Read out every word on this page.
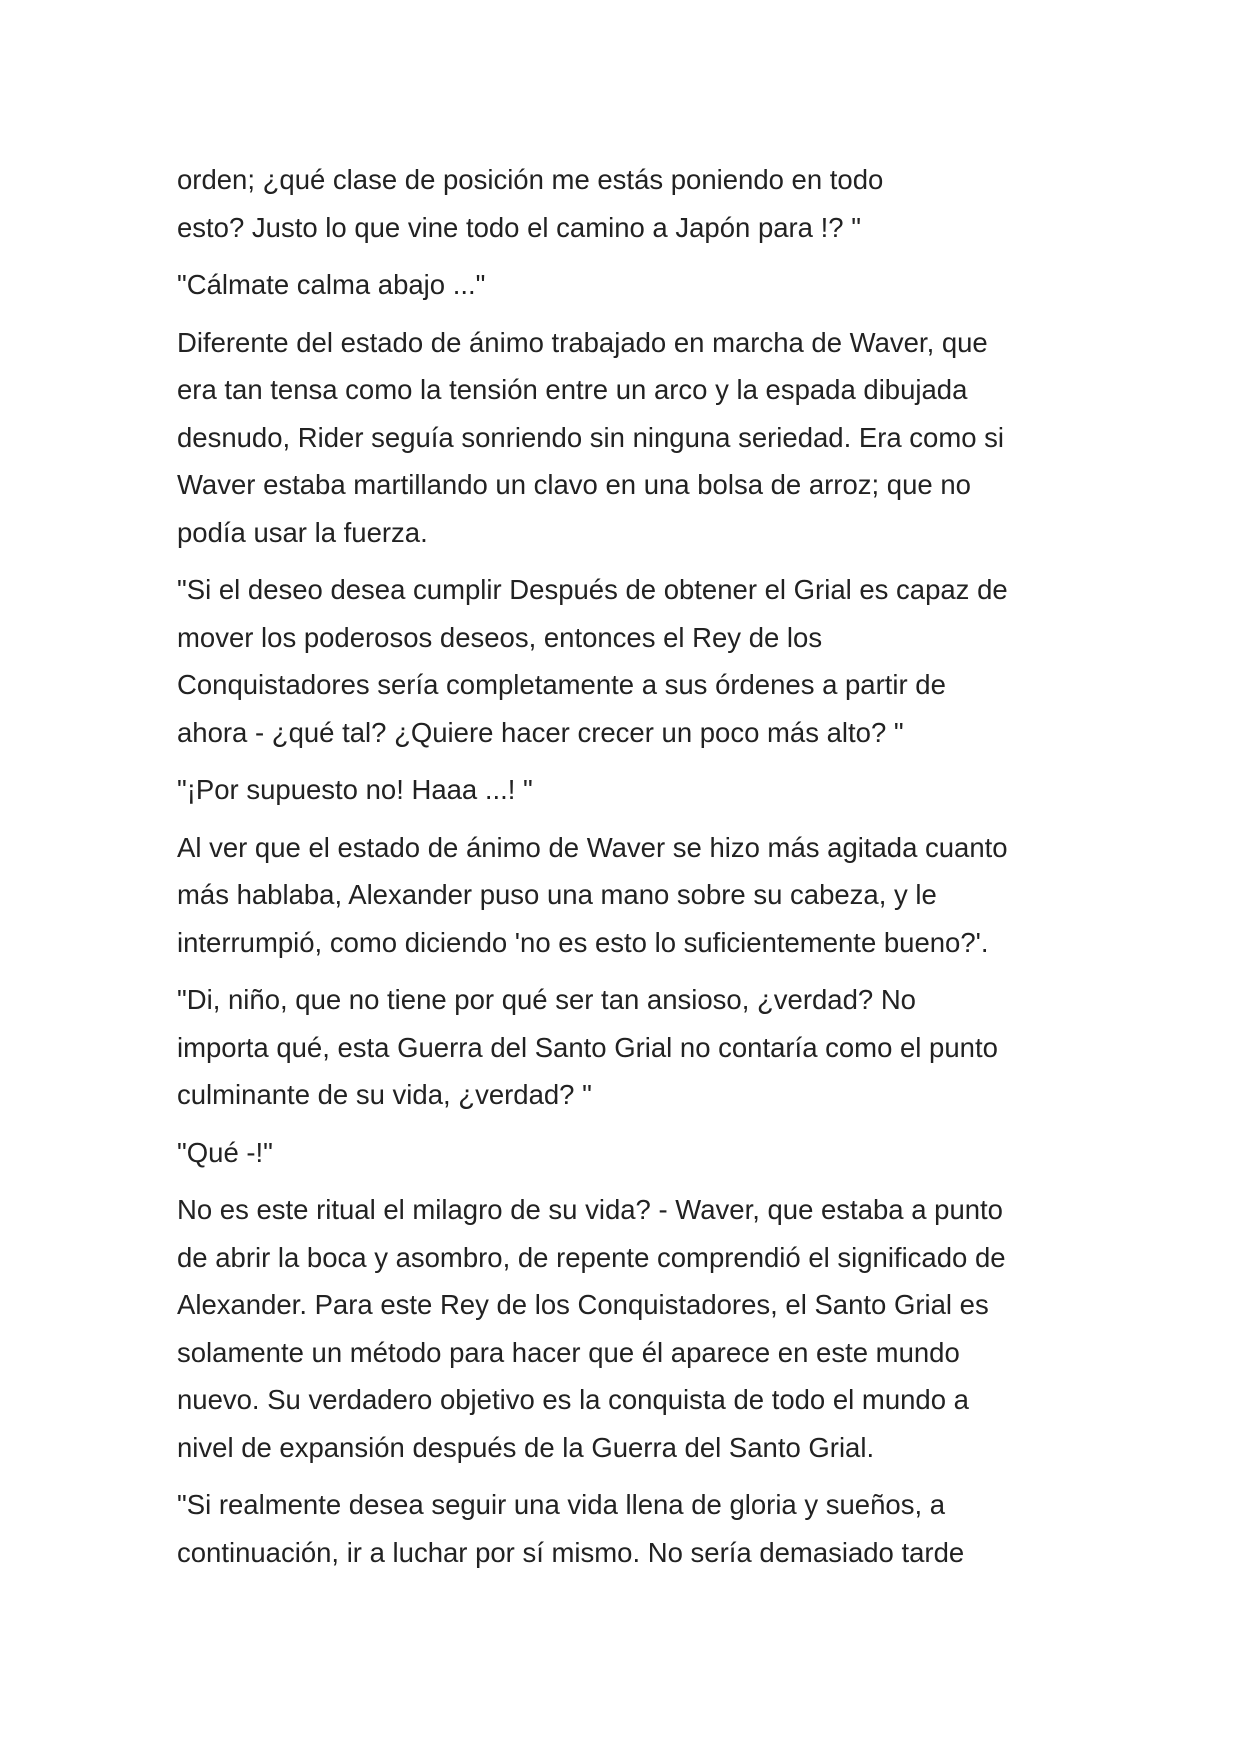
orden; ¿qué clase de posición me estás poniendo en todo
esto? Justo lo que vine todo el camino a Japón para !? "

"Cálmate calma abajo ..."

Diferente del estado de ánimo trabajado en marcha de Waver, que
era tan tensa como la tensión entre un arco y la espada dibujada
desnudo, Rider seguía sonriendo sin ninguna seriedad. Era como si
Waver estaba martillando un clavo en una bolsa de arroz; que no
podía usar la fuerza.

"Si el deseo desea cumplir Después de obtener el Grial es capaz de
mover los poderosos deseos, entonces el Rey de los
Conquistadores sería completamente a sus órdenes a partir de
ahora - ¿qué tal? ¿Quiere hacer crecer un poco más alto? "

"¡Por supuesto no! Haaa ...! "

Al ver que el estado de ánimo de Waver se hizo más agitada cuanto
más hablaba, Alexander puso una mano sobre su cabeza, y le
interrumpió, como diciendo 'no es esto lo suficientemente bueno?'.

"Di, niño, que no tiene por qué ser tan ansioso, ¿verdad? No
importa qué, esta Guerra del Santo Grial no contaría como el punto
culminante de su vida, ¿verdad? "

"Qué -!"

No es este ritual el milagro de su vida? - Waver, que estaba a punto
de abrir la boca y asombro, de repente comprendió el significado de
Alexander. Para este Rey de los Conquistadores, el Santo Grial es
solamente un método para hacer que él aparece en este mundo
nuevo. Su verdadero objetivo es la conquista de todo el mundo a
nivel de expansión después de la Guerra del Santo Grial.

"Si realmente desea seguir una vida llena de gloria y sueños, a
continuación, ir a luchar por sí mismo. No sería demasiado tarde
